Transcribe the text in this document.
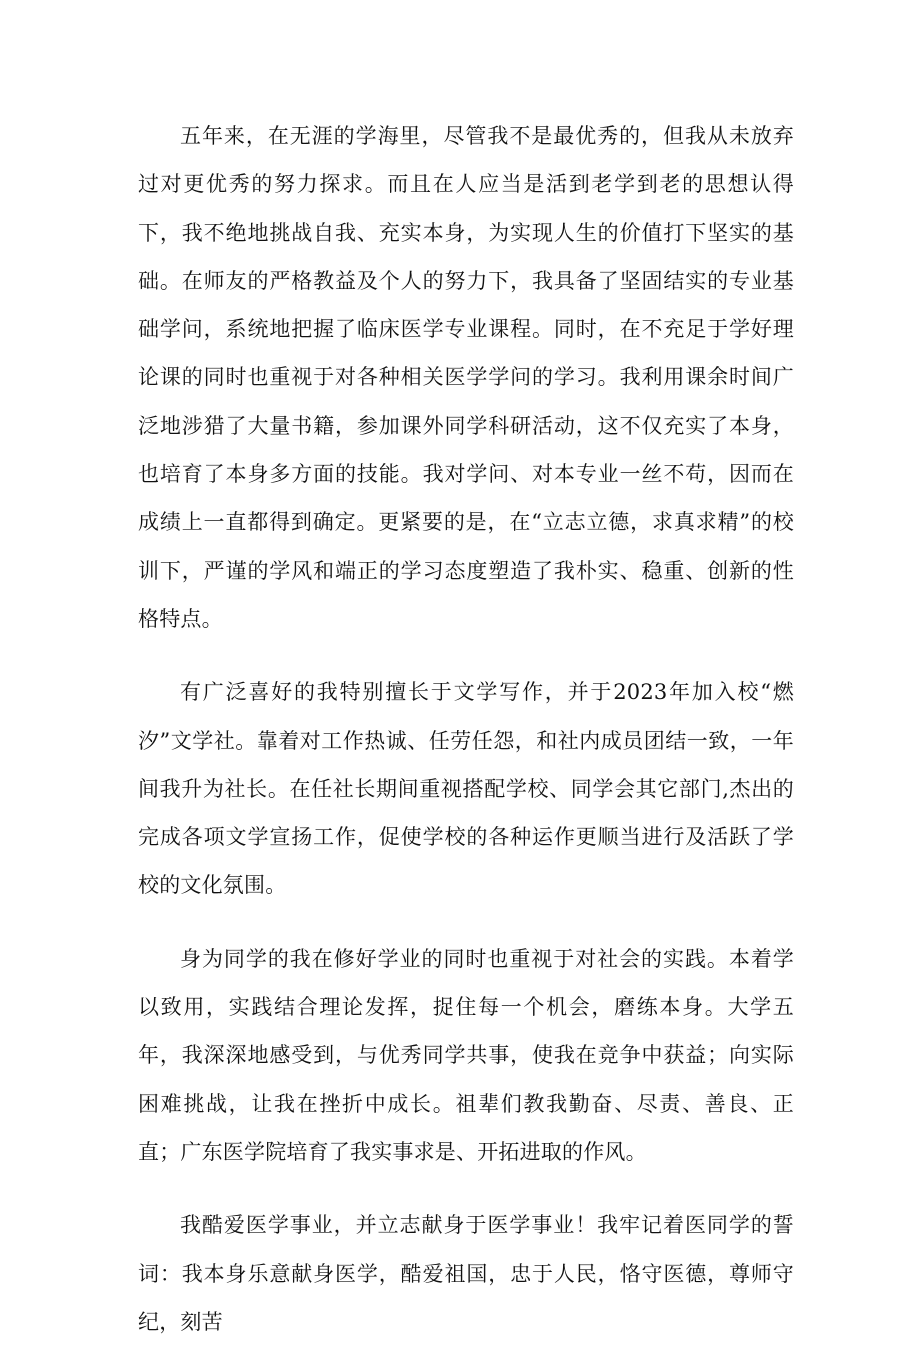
五年来，在无涯的学海里，尽管我不是最优秀的，但我从未放弃过对更优秀的努力探求。而且在人应当是活到老学到老的思想认得下，我不绝地挑战自我、充实本身，为实现人生的价值打下坚实的基础。在师友的严格教益及个人的努力下，我具备了坚固结实的专业基础学问，系统地把握了临床医学专业课程。同时，在不充足于学好理论课的同时也重视于对各种相关医学学问的学习。我利用课余时间广泛地涉猎了大量书籍，参加课外同学科研活动，这不仅充实了本身，也培育了本身多方面的技能。我对学问、对本专业一丝不苟，因而在成绩上一直都得到确定。更紧要的是，在“立志立德，求真求精”的校训下，严谨的学风和端正的学习态度塑造了我朴实、稳重、创新的性格特点。

有广泛喜好的我特别擅长于文学写作，并于2023年加入校“燃汐”文学社。靠着对工作热诚、任劳任怨，和社内成员团结一致，一年间我升为社长。在任社长期间重视搭配学校、同学会其它部门,杰出的完成各项文学宣扬工作，促使学校的各种运作更顺当进行及活跃了学校的文化氛围。

身为同学的我在修好学业的同时也重视于对社会的实践。本着学以致用，实践结合理论发挥，捉住每一个机会，磨练本身。大学五年，我深深地感受到，与优秀同学共事，使我在竞争中获益；向实际困难挑战，让我在挫折中成长。祖辈们教我勤奋、尽责、善良、正直；广东医学院培育了我实事求是、开拓进取的作风。

我酷爱医学事业，并立志献身于医学事业！我牢记着医同学的誓词：我本身乐意献身医学，酷爱祖国，忠于人民，恪守医德，尊师守纪，刻苦
